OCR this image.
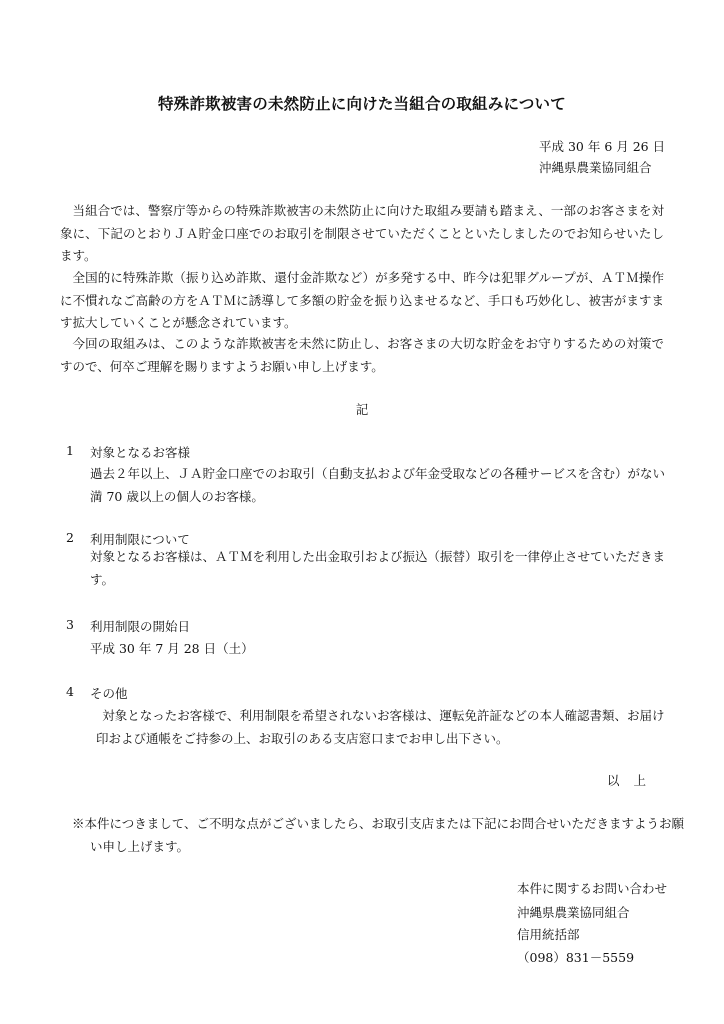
特殊詐欺被害の未然防止に向けた当組合の取組みについて
平成 30 年 6 月 26 日
沖縄県農業協同組合
当組合では、警察庁等からの特殊詐欺被害の未然防止に向けた取組み要請も踏まえ、一部のお客さまを対象に、下記のとおりＪＡ貯金口座でのお取引を制限させていただくことといたしましたのでお知らせいたします。
全国的に特殊詐欺（振り込め詐欺、還付金詐欺など）が多発する中、昨今は犯罪グループが、ＡＴＭ操作に不慣れなご高齢の方をＡＴＭに誘導して多額の貯金を振り込ませるなど、手口も巧妙化し、被害がますます拡大していくことが懸念されています。
今回の取組みは、このような詐欺被害を未然に防止し、お客さまの大切な貯金をお守りするための対策ですので、何卒ご理解を賜りますようお願い申し上げます。
記
1 対象となるお客様
過去２年以上、ＪＡ貯金口座でのお取引（自動支払および年金受取などの各種サービスを含む）がない満 70 歳以上の個人のお客様。
2 利用制限について
対象となるお客様は、ＡＴＭを利用した出金取引および振込（振替）取引を一律停止させていただきます。
3 利用制限の開始日
平成 30 年 7 月 28 日（土）
4 その他
対象となったお客様で、利用制限を希望されないお客様は、運転免許証などの本人確認書類、お届け印および通帳をご持参の上、お取引のある支店窓口までお申し出下さい。
以上
※本件につきまして、ご不明な点がございましたら、お取引支店または下記にお問合せいただきますようお願い申し上げます。
本件に関するお問い合わせ
沖縄県農業協同組合
信用統括部
（098）831－5559
